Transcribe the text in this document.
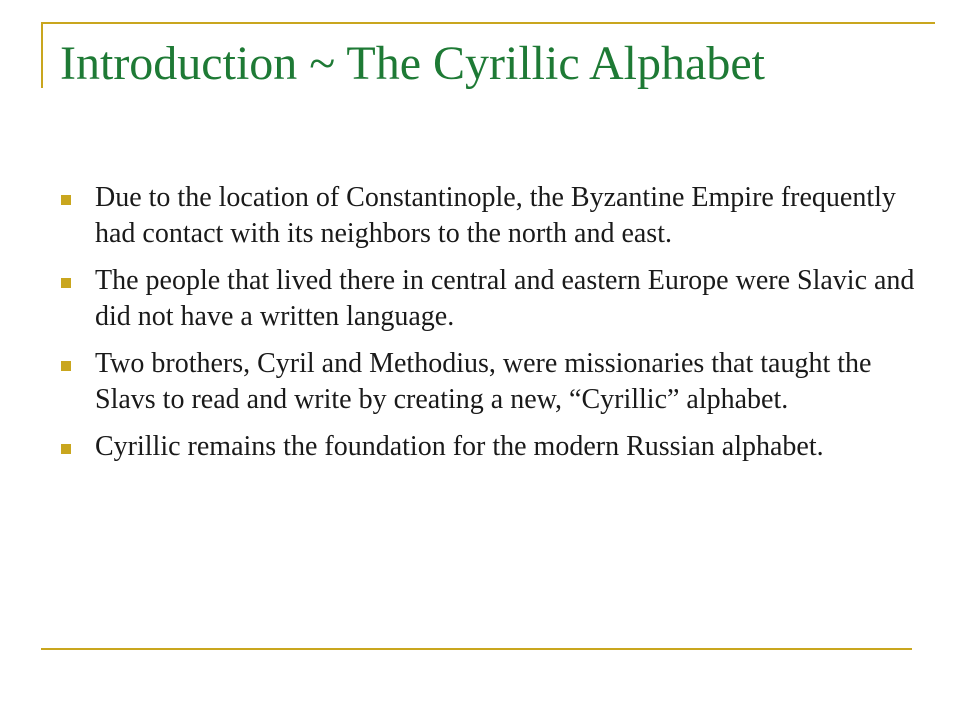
Introduction ~ The Cyrillic Alphabet
Due to the location of Constantinople, the Byzantine Empire frequently had contact with its neighbors to the north and east.
The people that lived there in central and eastern Europe were Slavic and did not have a written language.
Two brothers, Cyril and Methodius, were missionaries that taught the Slavs to read and write by creating a new, “Cyrillic” alphabet.
Cyrillic remains the foundation for the modern Russian alphabet.
